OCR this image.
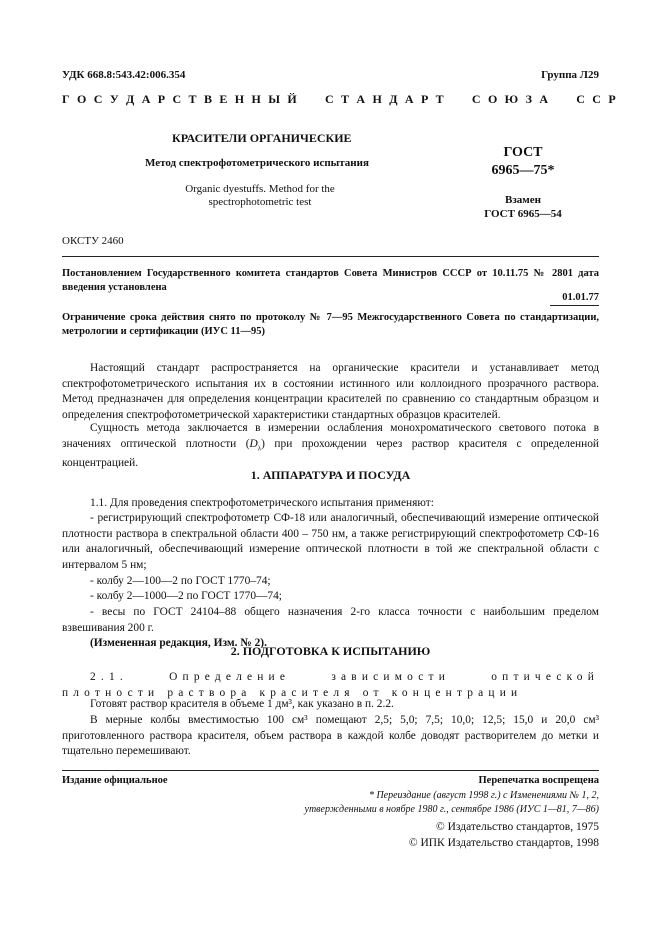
УДК 668.8:543.42:006.354	Группа Л29
Г О С У Д А Р С Т В Е Н Н Ы Й     С Т А Н Д А Р Т     С О Ю З А     С С Р
КРАСИТЕЛИ ОРГАНИЧЕСКИЕ
Метод спектрофотометрического испытания
Organic dyestuffs. Method for the
spectrophotometric test
ГОСТ
6965—75*
Взамен
ГОСТ 6965—54
ОКСТУ 2460
Постановлением Государственного комитета стандартов Совета Министров СССР от 10.11.75 № 2801 дата введения установлена
01.01.77
Ограничение срока действия снято по протоколу № 7—95 Межгосударственного Совета по стандартизации, метрологии и сертификации (ИУС 11—95)

Настоящий стандарт распространяется на органические красители и устанавливает метод спектрофотометрического испытания их в состоянии истинного или коллоидного прозрачного раствора. Метод предназначен для определения концентрации красителей по сравнению со стандартным образцом и определения спектрофотометрической характеристики стандартных образцов красителей.

Сущность метода заключается в измерении ослабления монохроматического светового потока в значениях оптической плотности $(D_\lambda)$ при прохождении через раствор красителя с определенной концентрацией.

1. АППАРАТУРА И ПОСУДА

1.1. Для проведения спектрофотометрического испытания применяют:

- регистрирующий спектрофотометр СФ-18 или аналогичный, обеспечивающий измерение оптической плотности раствора в спектральной области 400 – 750 нм, а также регистрирующий спектрофотометр СФ-16 или аналогичный, обеспечивающий измерение оптической плотности в той же спектральной области с интервалом 5 нм;

- колбу 2—100—2 по ГОСТ 1770–74;

- колбу 2—1000—2 по ГОСТ 1770—74;

- весы по ГОСТ 24104–88 общего назначения 2-го класса точности с наибольшим пределом взвешивания 200 г.

(Измененная редакция, Изм. № 2).

2. ПОДГОТОВКА К ИСПЫТАНИЮ

2.1. Определение зависимости оптической плотности раствора красителя от концентрации

Готовят раствор красителя в объеме 1 дм³, как указано в п. 2.2.

В мерные колбы вместимостью 100 см³ помещают 2,5; 5,0; 7,5; 10,0; 12,5; 15,0 и 20,0 см³ приготовленного раствора красителя, объем раствора в каждой колбе доводят растворителем до метки и тщательно перемешивают.

Издание официальное	Перепечатка воспрещена
* Переиздание (август 1998 г.) с Изменениями № 1, 2,
утвержденными в ноябре 1980 г., сентябре 1986 (ИУС 1—81, 7—86)
© Издательство стандартов, 1975
© ИПК Издательство стандартов, 1998
